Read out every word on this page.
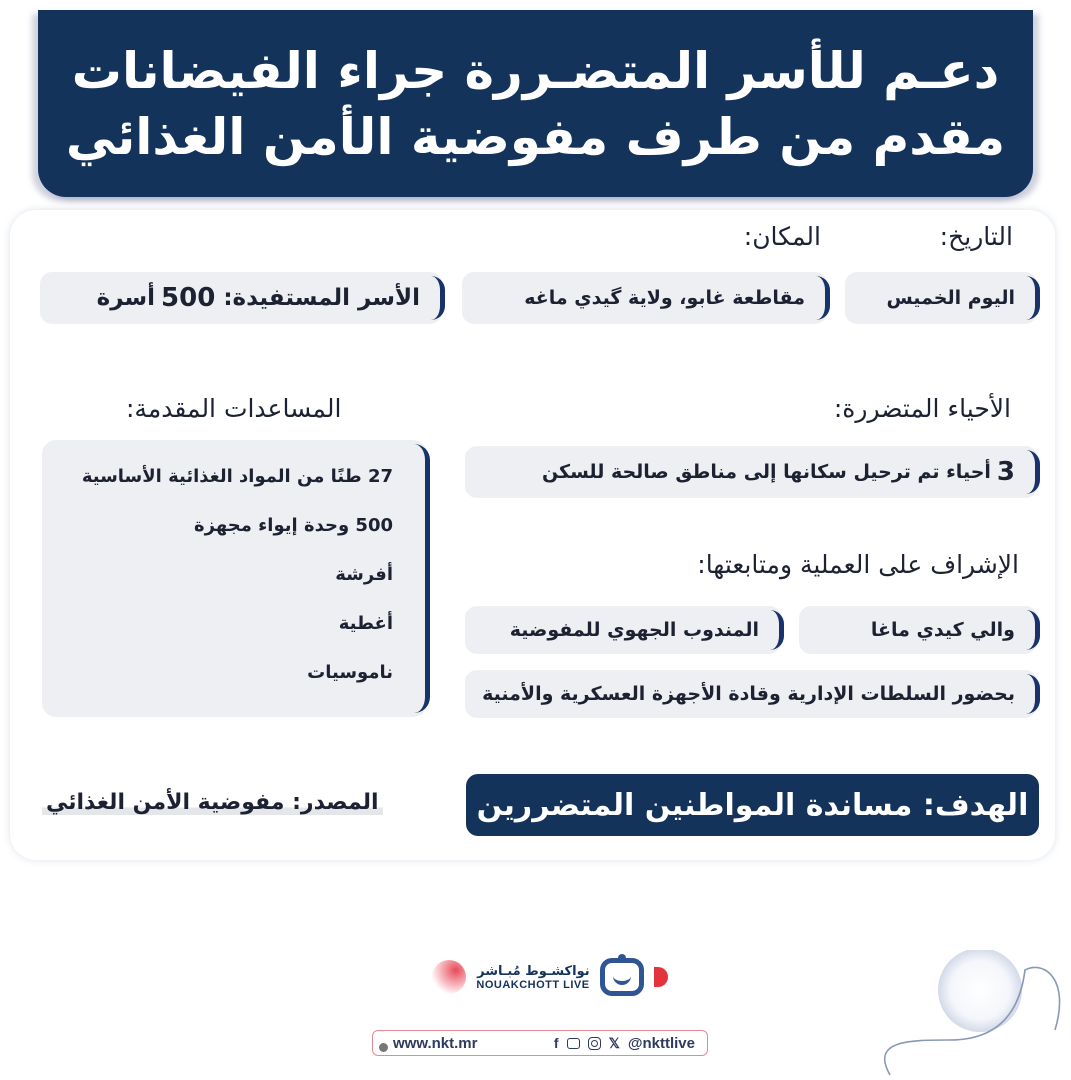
دعـم للأسر المتضـررة جراء الفيضانات
مقدم من طرف مفوضية الأمن الغذائي
التاريخ:
المكان:
اليوم الخميس
مقاطعة غابو، ولاية گيدي ماغه
الأسر المستفيدة:
500
أسرة
الأحياء المتضررة:
3
أحياء تم ترحيل سكانها إلى مناطق صالحة للسكن
المساعدات المقدمة:
27 طنًا من المواد الغذائية الأساسية
500 وحدة إيواء مجهزة
أفرشة
أغطية
ناموسيات
الإشراف على العملية ومتابعتها:
والي كيدي ماغا
المندوب الجهوي للمفوضية
بحضور السلطات الإدارية وقادة الأجهزة العسكرية والأمنية
الهدف: مساندة المواطنين المتضررين
المصدر: مفوضية الأمن الغذائي
نواكشـوط مُبـاشر
NOUAKCHOTT LIVE
www.nkt.mr	f	𝕏 @nkttlive
